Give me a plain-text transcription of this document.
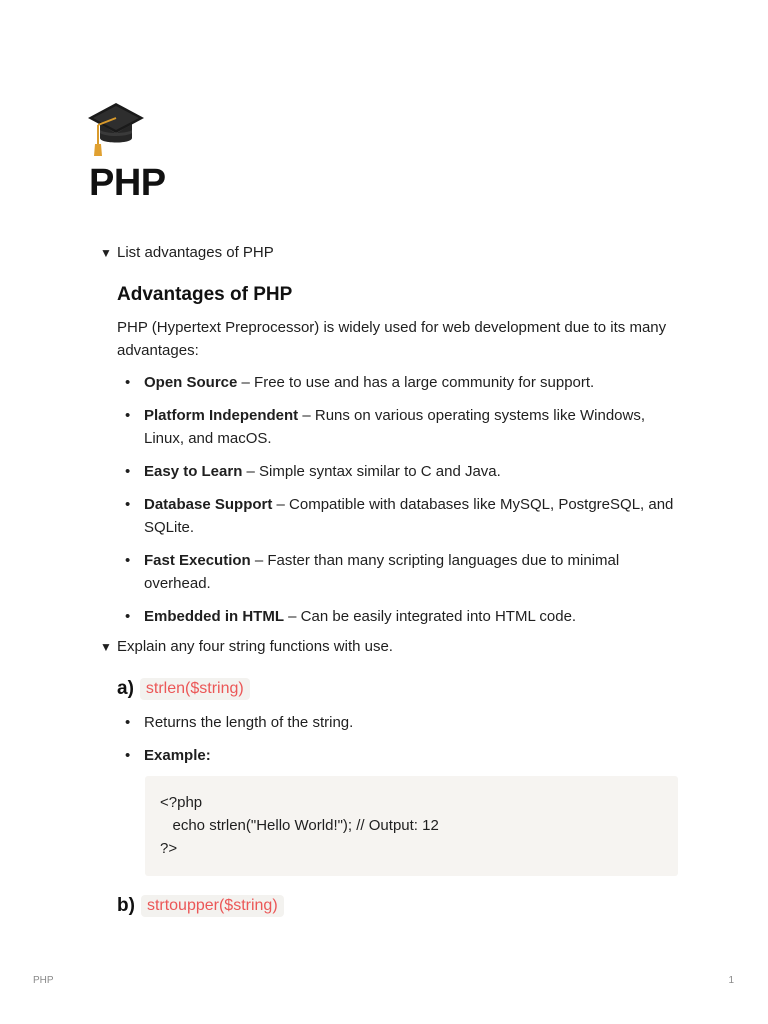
PHP
▼ List advantages of PHP
Advantages of PHP

PHP (Hypertext Preprocessor) is widely used for web development due to its many advantages:

• Open Source – Free to use and has a large community for support.
• Platform Independent – Runs on various operating systems like Windows, Linux, and macOS.
• Easy to Learn – Simple syntax similar to C and Java.
• Database Support – Compatible with databases like MySQL, PostgreSQL, and SQLite.
• Fast Execution – Faster than many scripting languages due to minimal overhead.
• Embedded in HTML – Can be easily integrated into HTML code.
▼ Explain any four string functions with use.
a) strlen($string)
• Returns the length of the string.
• Example:
<?php
echo strlen("Hello World!"); // Output: 12
?>
b) strtoupper($string)
PHP	1
